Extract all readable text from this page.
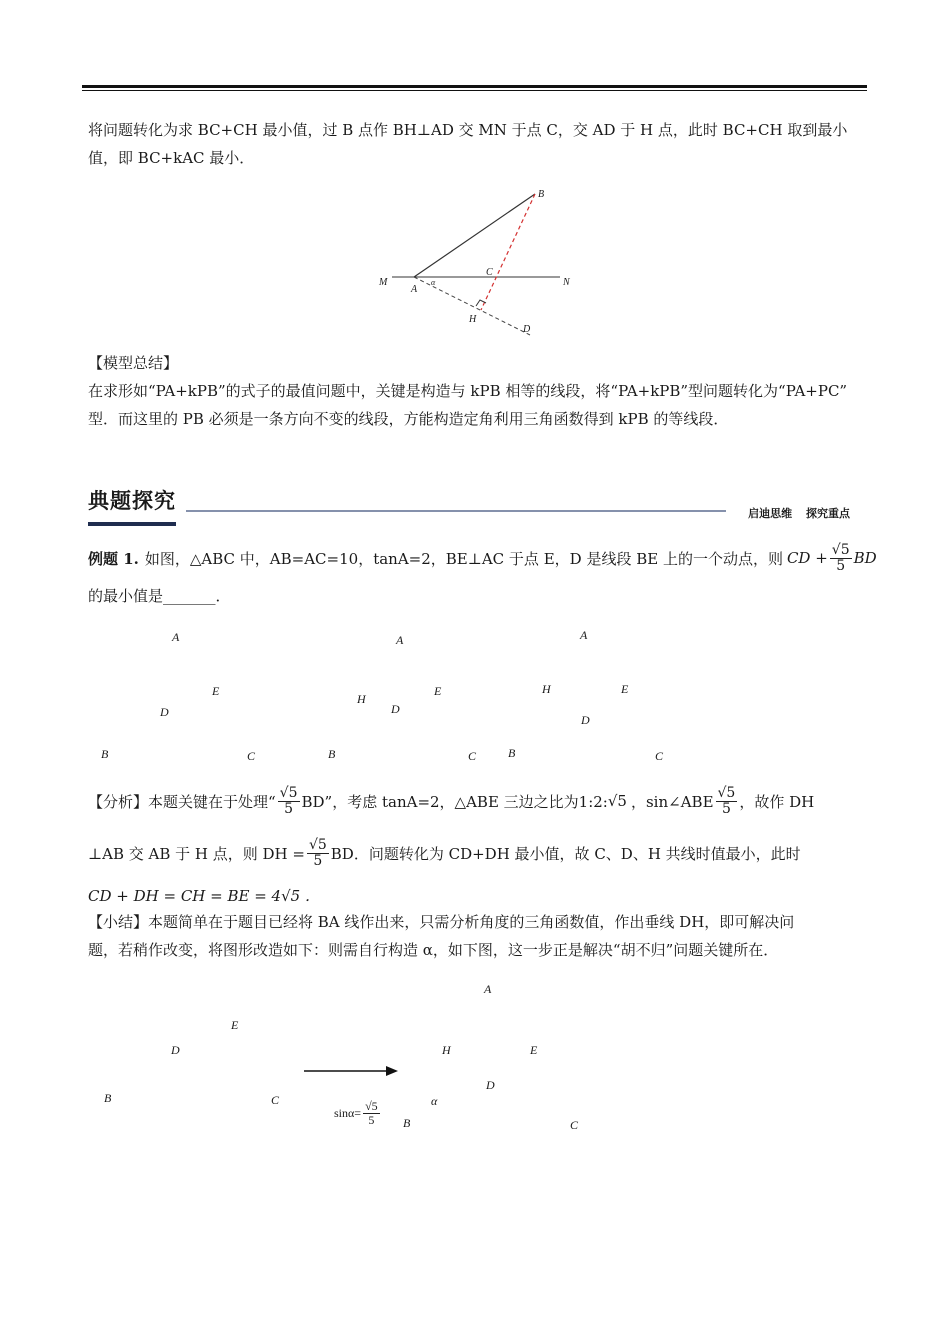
将问题转化为求 BC+CH 最小值，过 B 点作 BH⊥AD 交 MN 于点 C，交 AD 于 H 点，此时 BC+CH 取到最小
值，即 BC+kAC 最小．
B
M
A
α
C
N
H
D
【模型总结】
在求形如“PA+kPB”的式子的最值问题中，关键是构造与 kPB 相等的线段，将“PA+kPB”型问题转化为“PA+PC”
型．而这里的 PB 必须是一条方向不变的线段，方能构造定角利用三角函数得到 kPB 的等线段．
典题探究
启迪思维 探究重点
例题 1. 如图，△ABC 中，AB=AC=10，tanA=2，BE⊥AC 于点 E，D 是线段 BE 上的一个动点，则 CD + $\frac{√5}{5}$ BD
的最小值是_______．
A
E
D
B	C
A
H
E
D
B	C
A
H	E
D
B	C
【分析】本题关键在于处理“ $\frac{√5}{5}$ BD”，考虑 tanA=2，△ABE 三边之比为1:2: √5 ，sin∠ABE $\frac{√5}{5}$ ，故作 DH
⊥AB 交 AB 于 H 点，则 DH = $\frac{√5}{5}$ BD．问题转化为 CD+DH 最小值，故 C、D、H 共线时值最小，此时
CD + DH = CH = BE = 4√5 ．
【小结】本题简单在于题目已经将 BA 线作出来，只需分析角度的三角函数值，作出垂线 DH，即可解决问
题，若稍作改变，将图形改造如下：则需自行构造 α，如下图，这一步正是解决“胡不归”问题关键所在．
E
D
B	C
A
H	E
D
α
B	C
$\sin\alpha= \frac{√5}{5}$
